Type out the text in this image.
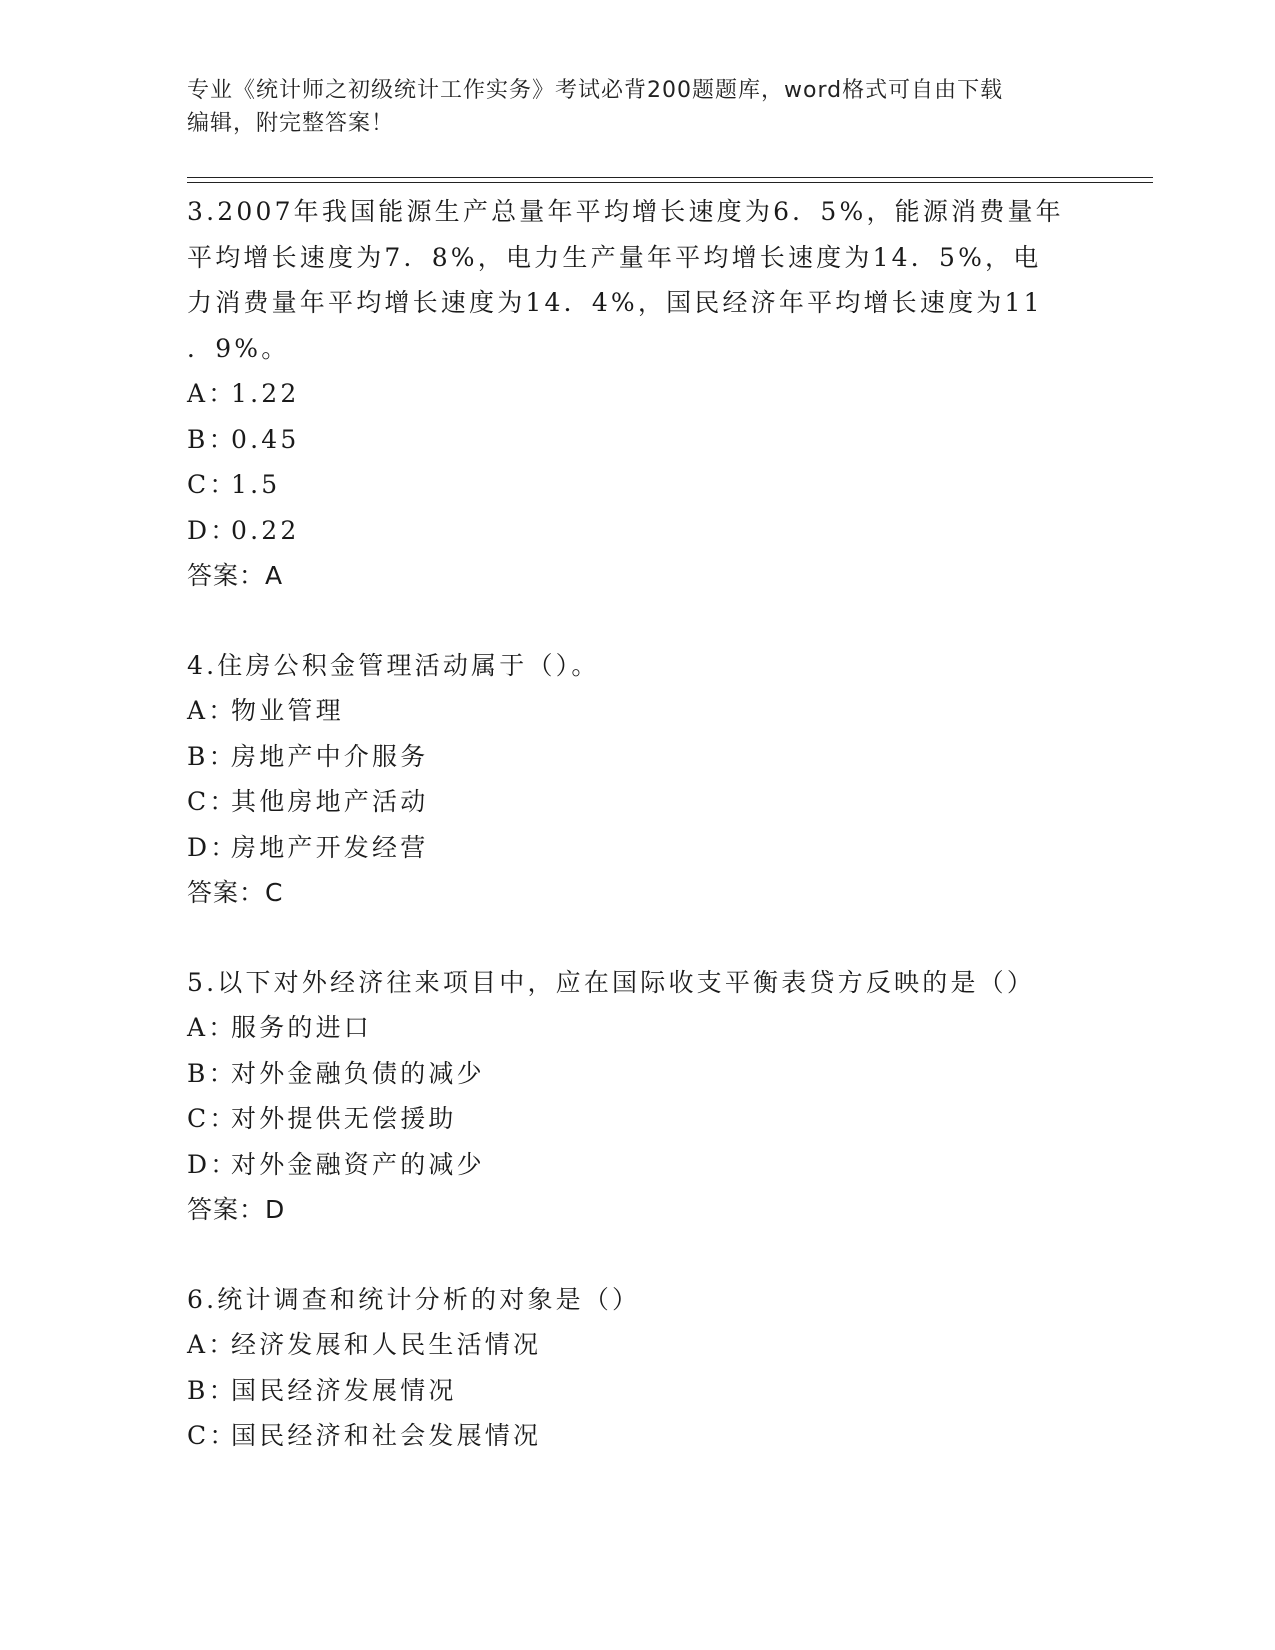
专业《统计师之初级统计工作实务》考试必背200题题库，word格式可自由下载
编辑，附完整答案！
3.2007年我国能源生产总量年平均增长速度为6．5%，能源消费量年
平均增长速度为7．8%，电力生产量年平均增长速度为14．5%，电
力消费量年平均增长速度为14．4%，国民经济年平均增长速度为11
．9%。
A：
1.22
B：
0.45
C：
1.5
D：
0.22
答案：A
4.住房公积金管理活动属于（）。
A：
物业管理
B：
房地产中介服务
C：
其他房地产活动
D：
房地产开发经营
答案：C
5.以下对外经济往来项目中，应在国际收支平衡表贷方反映的是（）
A：
服务的进口
B：
对外金融负债的减少
C：
对外提供无偿援助
D：
对外金融资产的减少
答案：D
6.统计调查和统计分析的对象是（）
A：
经济发展和人民生活情况
B：
国民经济发展情况
C：
国民经济和社会发展情况
